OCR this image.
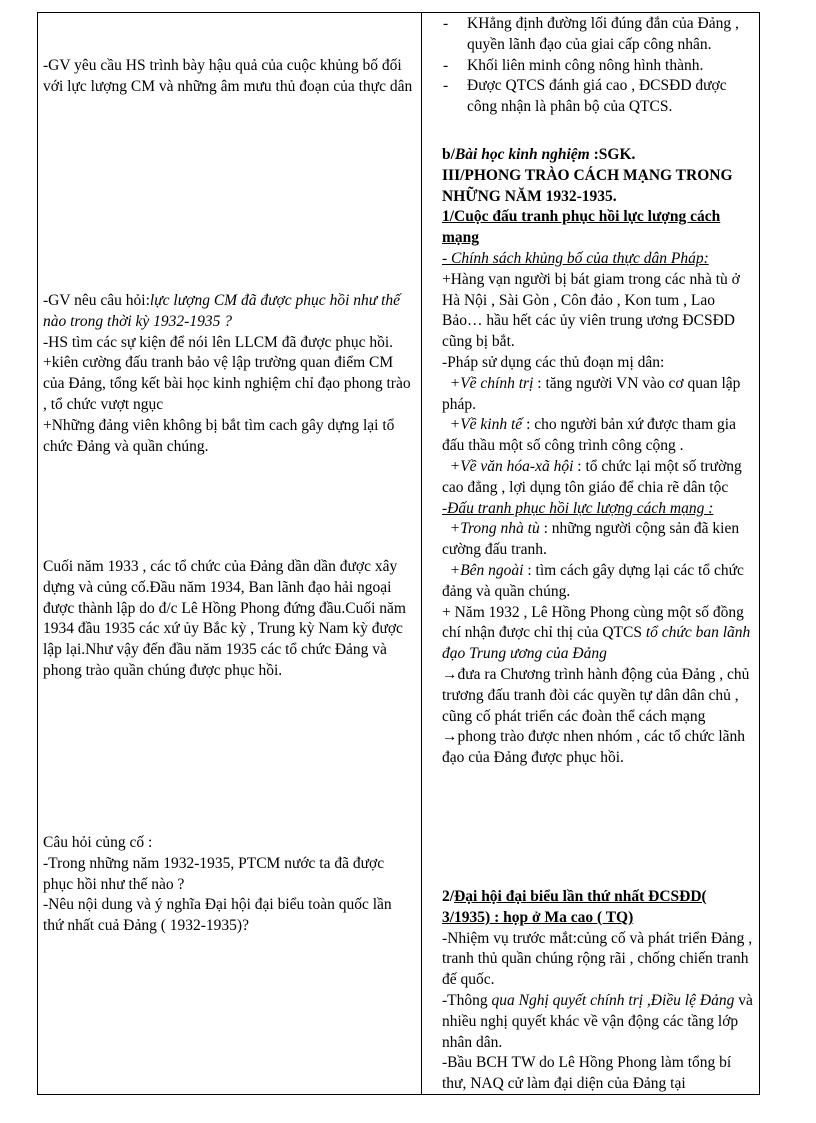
-GV yêu cầu HS trình bày hậu quả của cuộc khủng bố đối với lực lượng CM và những âm mưu thủ đoạn của thực dân

-GV nêu câu hỏi:lực lượng CM đã được phục hồi như thế nào trong thời kỳ 1932-1935 ?

-HS tìm các sự kiện để nói lên LLCM đã được phục hồi.

+kiên cường đấu tranh bảo vệ lập trường quan điểm CM của Đảng, tổng kết bài học kinh nghiệm chỉ đạo phong trào , tổ chức vượt ngục

+Những đảng viên không bị bắt tìm cach gây dựng lại tổ chức Đảng và quần chúng.

Cuối năm 1933 , các tổ chức của Đảng dần dần được xây dựng và củng cố.Đầu năm 1934, Ban lãnh đạo hải ngoại được thành lập do đ/c Lê Hồng Phong đứng đầu.Cuối năm 1934 đầu 1935 các xứ ủy Bắc kỳ , Trung kỳ Nam kỳ được lập lại.Như vậy đến đầu năm 1935 các tổ chức Đảng và phong trào quần chúng được phục hồi.

Câu hỏi củng cố :

-Trong những năm 1932-1935, PTCM nước ta đã được phục hồi như thế nào ?

-Nêu nội dung và ý nghĩa Đại hội đại biểu toàn quốc lần thứ nhất cuả Đảng ( 1932-1935)?

- KHẳng định đường lối đúng đắn của Đảng , quyền lãnh đạo của giai cấp công nhân.

- Khối liên minh công nông hình thành.

- Được QTCS đánh giá cao , ĐCSĐD được công nhận là phân bộ của QTCS.

b/Bài học kinh nghiệm :SGK.

III/PHONG TRÀO CÁCH MẠNG TRONG NHỮNG NĂM 1932-1935.

1/Cuộc đấu tranh phục hồi lực lượng cách mạng

- Chính sách khủng bố của thực dân Pháp:

+Hàng vạn người bị bát giam trong các nhà tù ở Hà Nội , Sài Gòn , Côn đảo , Kon tum , Lao Bảo… hầu hết các ủy viên trung ương ĐCSĐD cũng bị bắt.

-Pháp sử dụng các thủ đoạn mị dân:

+Về chính trị : tăng người VN vào cơ quan lập pháp.

+Về kinh tế : cho người bản xứ được tham gia đấu thầu một số công trình công cộng .

+Về văn hóa-xã hội : tổ chức lại một số trường cao đẳng , lợi dụng tôn giáo để chia rẽ dân tộc

-Đấu tranh phục hồi lực lượng cách mạng :

+Trong nhà tù : những người cộng sản đã kien cường đấu tranh.

+Bên ngoài : tìm cách gây dựng lại các tổ chức đảng và quần chúng.

+ Năm 1932 , Lê Hồng Phong cùng một số đồng chí nhận được chỉ thị của QTCS tổ chức ban lãnh đạo Trung ương của Đảng

→đưa ra Chương trình hành động của Đảng , chủ trương đấu tranh đòi các quyền tự dân dân chủ , cũng cố phát triển các đoàn thể cách mạng →phong trào được nhen nhóm , các tổ chức lãnh đạo của Đảng được phục hồi.

2/Đại hội đại biểu lần thứ nhất ĐCSĐD( 3/1935) : họp ở Ma cao ( TQ)

-Nhiệm vụ trước mắt:củng cố và phát triển Đảng , tranh thủ quần chúng rộng rãi , chống chiến tranh đế quốc.

-Thông qua Nghị quyết chính trị ,Điều lệ Đảng và nhiều nghị quyết khác về vận động các tầng lớp nhân dân.

-Bầu BCH TW do Lê Hồng Phong làm tổng bí thư, NAQ cử làm đại diện của Đảng tại
